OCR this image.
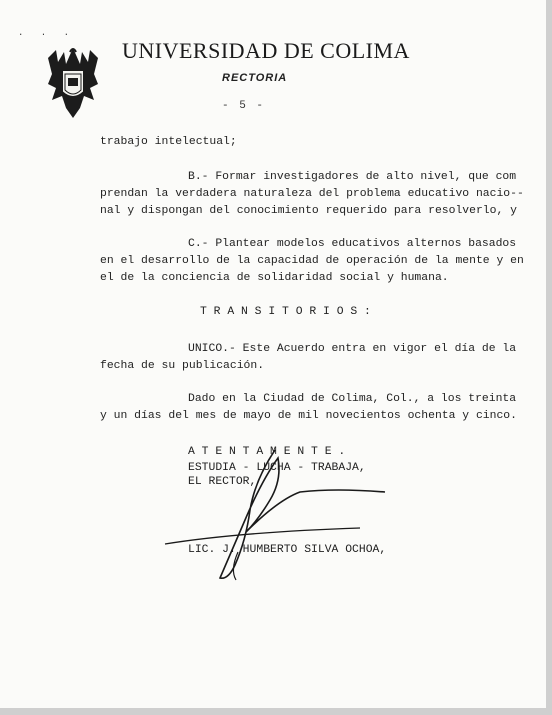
· · ·
UNIVERSIDAD DE COLIMA
RECTORIA
- 5 -
trabajo intelectual;
B.- Formar investigadores de alto nivel, que com
prendan la verdadera naturaleza del problema educativo nacio--
nal y dispongan del conocimiento requerido para resolverlo, y
C.- Plantear modelos educativos alternos basados
en el desarrollo de la capacidad de operación de la mente y en
el de la conciencia de solidaridad social y humana.
T R A N S I T O R I O S :
UNICO.- Este Acuerdo entra en vigor el día de la
fecha de su publicación.
Dado en la Ciudad de Colima, Col., a los treinta
y un días del mes de mayo de mil novecientos ochenta y cinco.
A T E N T A M E N T E .
ESTUDIA - LUCHA - TRABAJA,
EL RECTOR,
LIC. J. HUMBERTO SILVA OCHOA,
